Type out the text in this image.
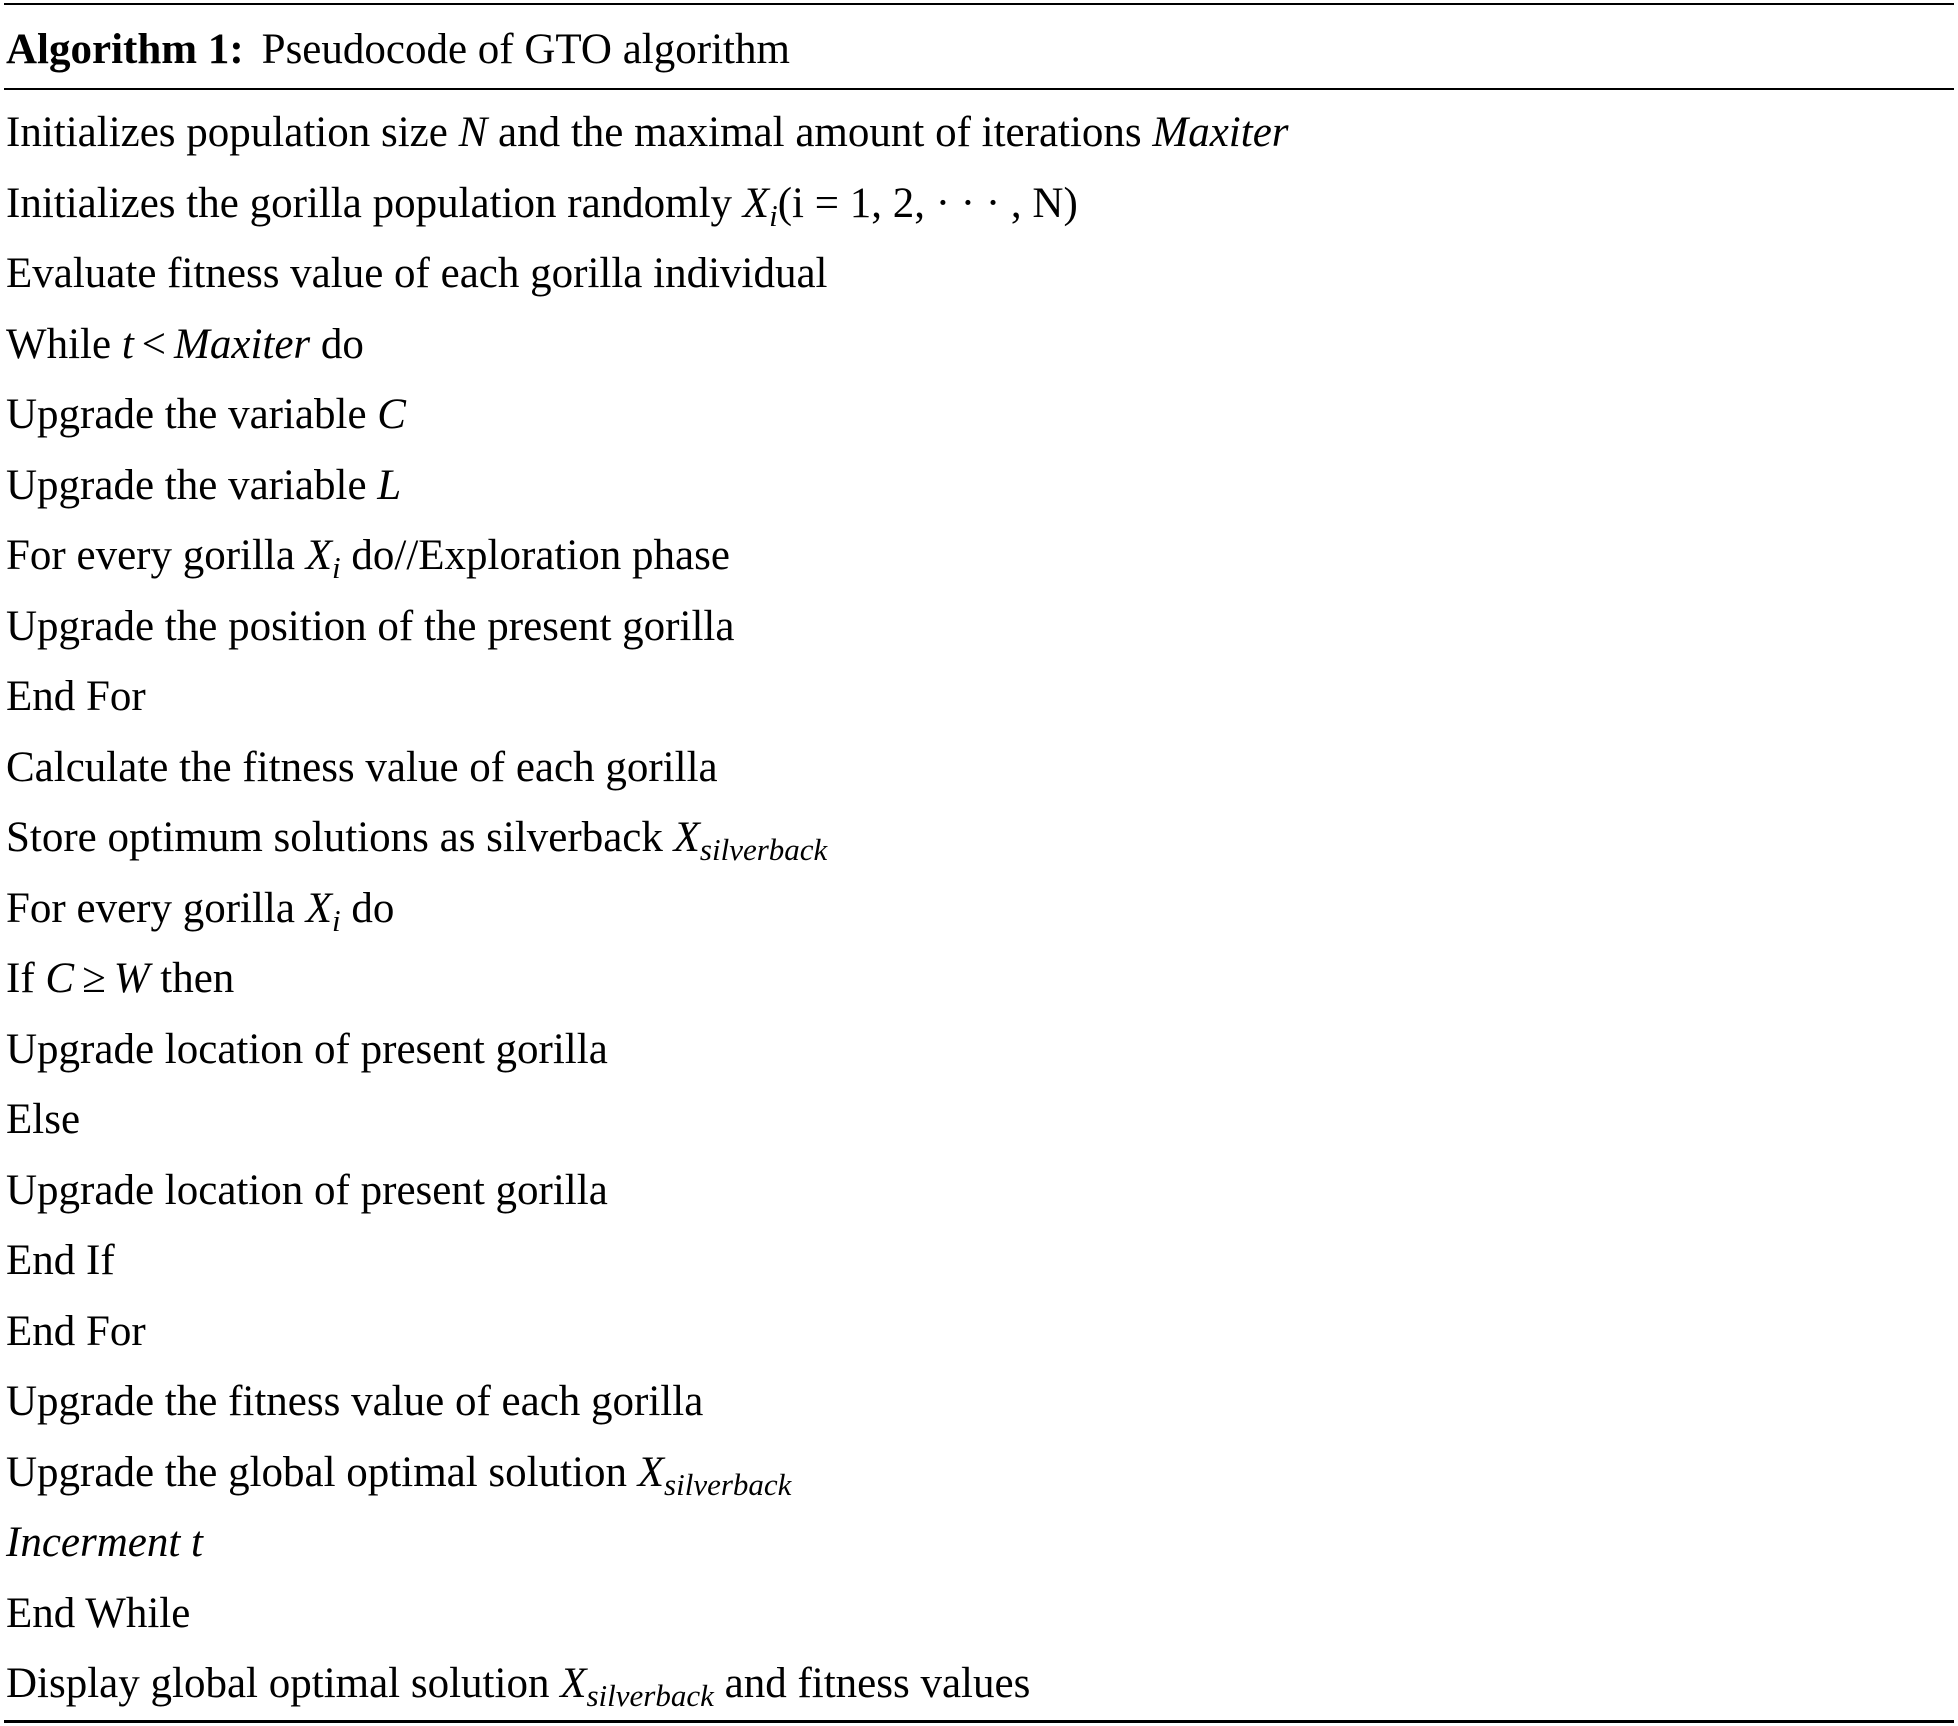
Algorithm 1: Pseudocode of GTO algorithm
Initializes population size N and the maximal amount of iterations Maxiter
Initializes the gorilla population randomly $X_i(i = 1$, 2, · · · , N)
Evaluate fitness value of each gorilla individual
While t < Maxiter do
Upgrade the variable C
Upgrade the variable L
For every gorilla $X_i$ do//Exploration phase
Upgrade the position of the present gorilla
End For
Calculate the fitness value of each gorilla
Store optimum solutions as silverback $X_{silverback}$
For every gorilla $X_i$ do
If C ≥ W then
Upgrade location of present gorilla
Else
Upgrade location of present gorilla
End If
End For
Upgrade the fitness value of each gorilla
Upgrade the global optimal solution $X_{silverback}$
Incerment t
End While
Display global optimal solution $X_{silverback}$ and fitness values
